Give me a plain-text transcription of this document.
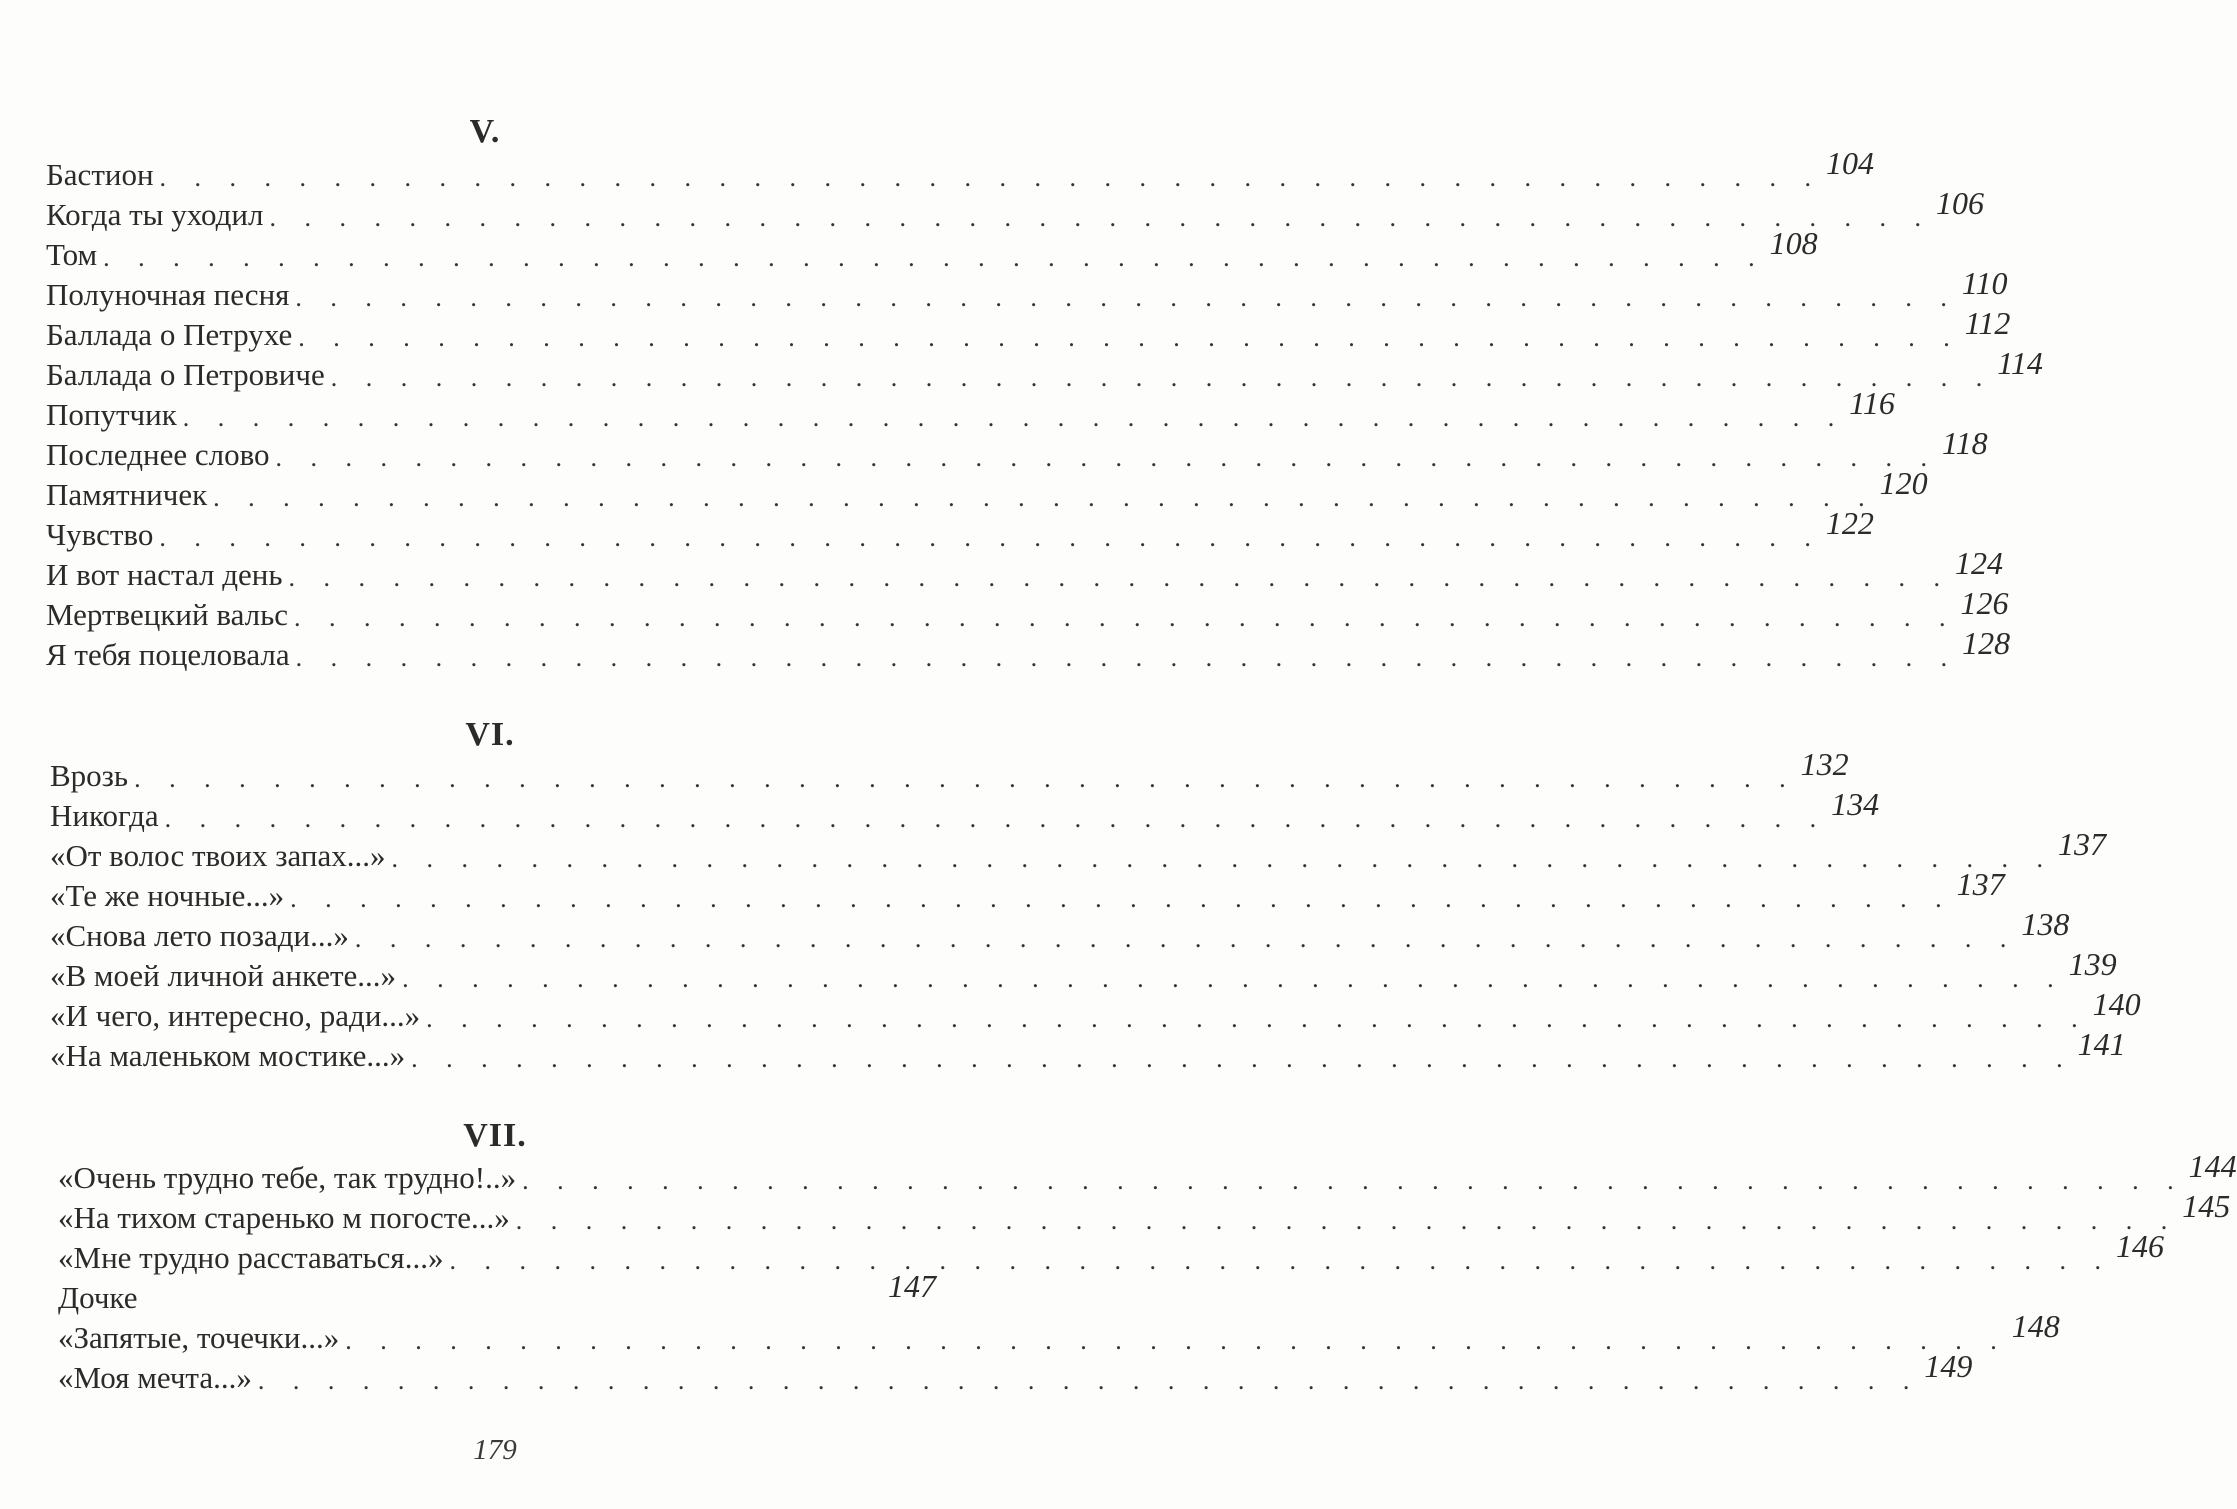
V.
Бастион . . . . . . . . . . . . . . . . . . . . . . . . . . . . . . . . . . . . . . . . . . . . . . . . 104
Когда ты уходил . . . . . . . . . . . . . . . . . . . . . . . . . . . . . . . . . . . . . . . . . . . . . . . . 106
Том . . . . . . . . . . . . . . . . . . . . . . . . . . . . . . . . . . . . . . . . . . . . . . . . 108
Полуночная песня . . . . . . . . . . . . . . . . . . . . . . . . . . . . . . . . . . . . . . . . . . . . . . . . 110
Баллада о Петрухе . . . . . . . . . . . . . . . . . . . . . . . . . . . . . . . . . . . . . . . . . . . . . . . . 112
Баллада о Петровиче . . . . . . . . . . . . . . . . . . . . . . . . . . . . . . . . . . . . . . . . . . . . . . . . 114
Попутчик . . . . . . . . . . . . . . . . . . . . . . . . . . . . . . . . . . . . . . . . . . . . . . . . 116
Последнее слово . . . . . . . . . . . . . . . . . . . . . . . . . . . . . . . . . . . . . . . . . . . . . . . . 118
Памятничек . . . . . . . . . . . . . . . . . . . . . . . . . . . . . . . . . . . . . . . . . . . . . . . . 120
Чувство . . . . . . . . . . . . . . . . . . . . . . . . . . . . . . . . . . . . . . . . . . . . . . . . 122
И вот настал день . . . . . . . . . . . . . . . . . . . . . . . . . . . . . . . . . . . . . . . . . . . . . . . . 124
Мертвецкий вальс . . . . . . . . . . . . . . . . . . . . . . . . . . . . . . . . . . . . . . . . . . . . . . . . 126
Я тебя поцеловала . . . . . . . . . . . . . . . . . . . . . . . . . . . . . . . . . . . . . . . . . . . . . . . . 128
VI.
Врозь . . . . . . . . . . . . . . . . . . . . . . . . . . . . . . . . . . . . . . . . . . . . . . . . 132
Никогда . . . . . . . . . . . . . . . . . . . . . . . . . . . . . . . . . . . . . . . . . . . . . . . . 134
«От волос твоих запах...» . . . . . . . . . . . . . . . . . . . . . . . . . . . . . . . . . . . . . . . . . . . . . . . . 137
«Те же ночные...» . . . . . . . . . . . . . . . . . . . . . . . . . . . . . . . . . . . . . . . . . . . . . . . . 137
«Снова лето позади...» . . . . . . . . . . . . . . . . . . . . . . . . . . . . . . . . . . . . . . . . . . . . . . . . 138
«В моей личной анкете...» . . . . . . . . . . . . . . . . . . . . . . . . . . . . . . . . . . . . . . . . . . . . . . . . 139
«И чего, интересно, ради...» . . . . . . . . . . . . . . . . . . . . . . . . . . . . . . . . . . . . . . . . . . . . . . . . 140
«На маленьком мостике...» . . . . . . . . . . . . . . . . . . . . . . . . . . . . . . . . . . . . . . . . . . . . . . . . 141
VII.
«Очень трудно тебе, так трудно!..» . . . . . . . . . . . . . . . . . . . . . . . . . . . . . . . . . . . . . . . . . . . . . . . . 144
«На тихом старенько м погосте...» . . . . . . . . . . . . . . . . . . . . . . . . . . . . . . . . . . . . . . . . . . . . . . . . 145
«Мне трудно расставаться...» . . . . . . . . . . . . . . . . . . . . . . . . . . . . . . . . . . . . . . . . . . . . . . . . 146
Дочке	147
«Запятые, точечки...» . . . . . . . . . . . . . . . . . . . . . . . . . . . . . . . . . . . . . . . . . . . . . . . . 148
«Моя мечта...» . . . . . . . . . . . . . . . . . . . . . . . . . . . . . . . . . . . . . . . . . . . . . . . . 149
179
